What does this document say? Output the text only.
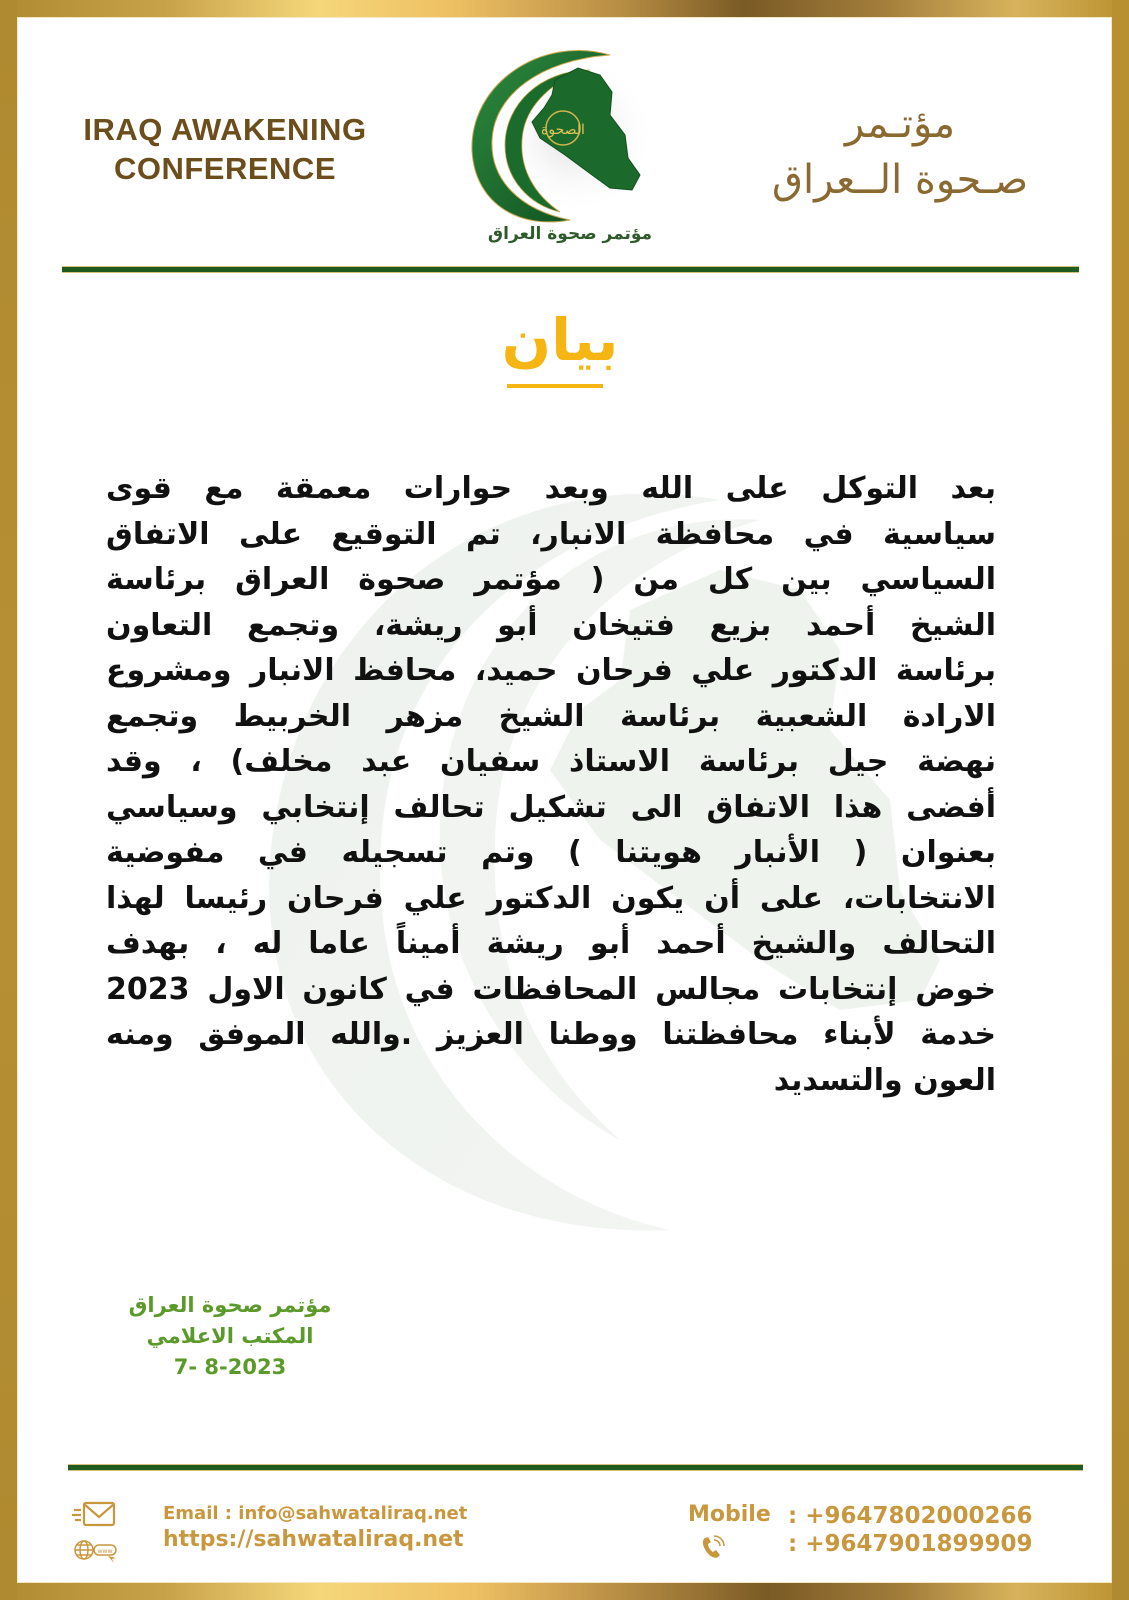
IRAQ AWAKENING
CONFERENCE
الصحوة
مؤتمر صحوة العراق
مؤتـمر
صـحوة الــعراق
بيان
بعد التوكل على الله وبعد حوارات معمقة مع قوى
سياسية في محافظة الانبار، تم التوقيع على الاتفاق
السياسي بين كل من ( مؤتمر صحوة العراق برئاسة
الشيخ أحمد بزيع فتيخان أبو ريشة، وتجمع التعاون
برئاسة الدكتور علي فرحان حميد، محافظ الانبار ومشروع
الارادة الشعبية برئاسة الشيخ مزهر الخربيط وتجمع
نهضة جيل برئاسة الاستاذ سفيان عبد مخلف) ، وقد
أفضى هذا الاتفاق الى تشكيل تحالف إنتخابي وسياسي
بعنوان ( الأنبار هويتنا ) وتم تسجيله في مفوضية
الانتخابات، على أن يكون الدكتور علي فرحان رئيسا لهذا
التحالف والشيخ أحمد أبو ريشة أميناً عاما له ، بهدف
خوض إنتخابات مجالس المحافظات في كانون الاول 2023
خدمة لأبناء محافظتنا ووطنا العزيز .والله الموفق ومنه
العون والتسديد
مؤتمر صحوة العراق
المكتب الاعلامي
7- 8-2023
www
Email : info@sahwataliraq.net
https://sahwataliraq.net
Mobile : +9647802000266
: +9647901899909
